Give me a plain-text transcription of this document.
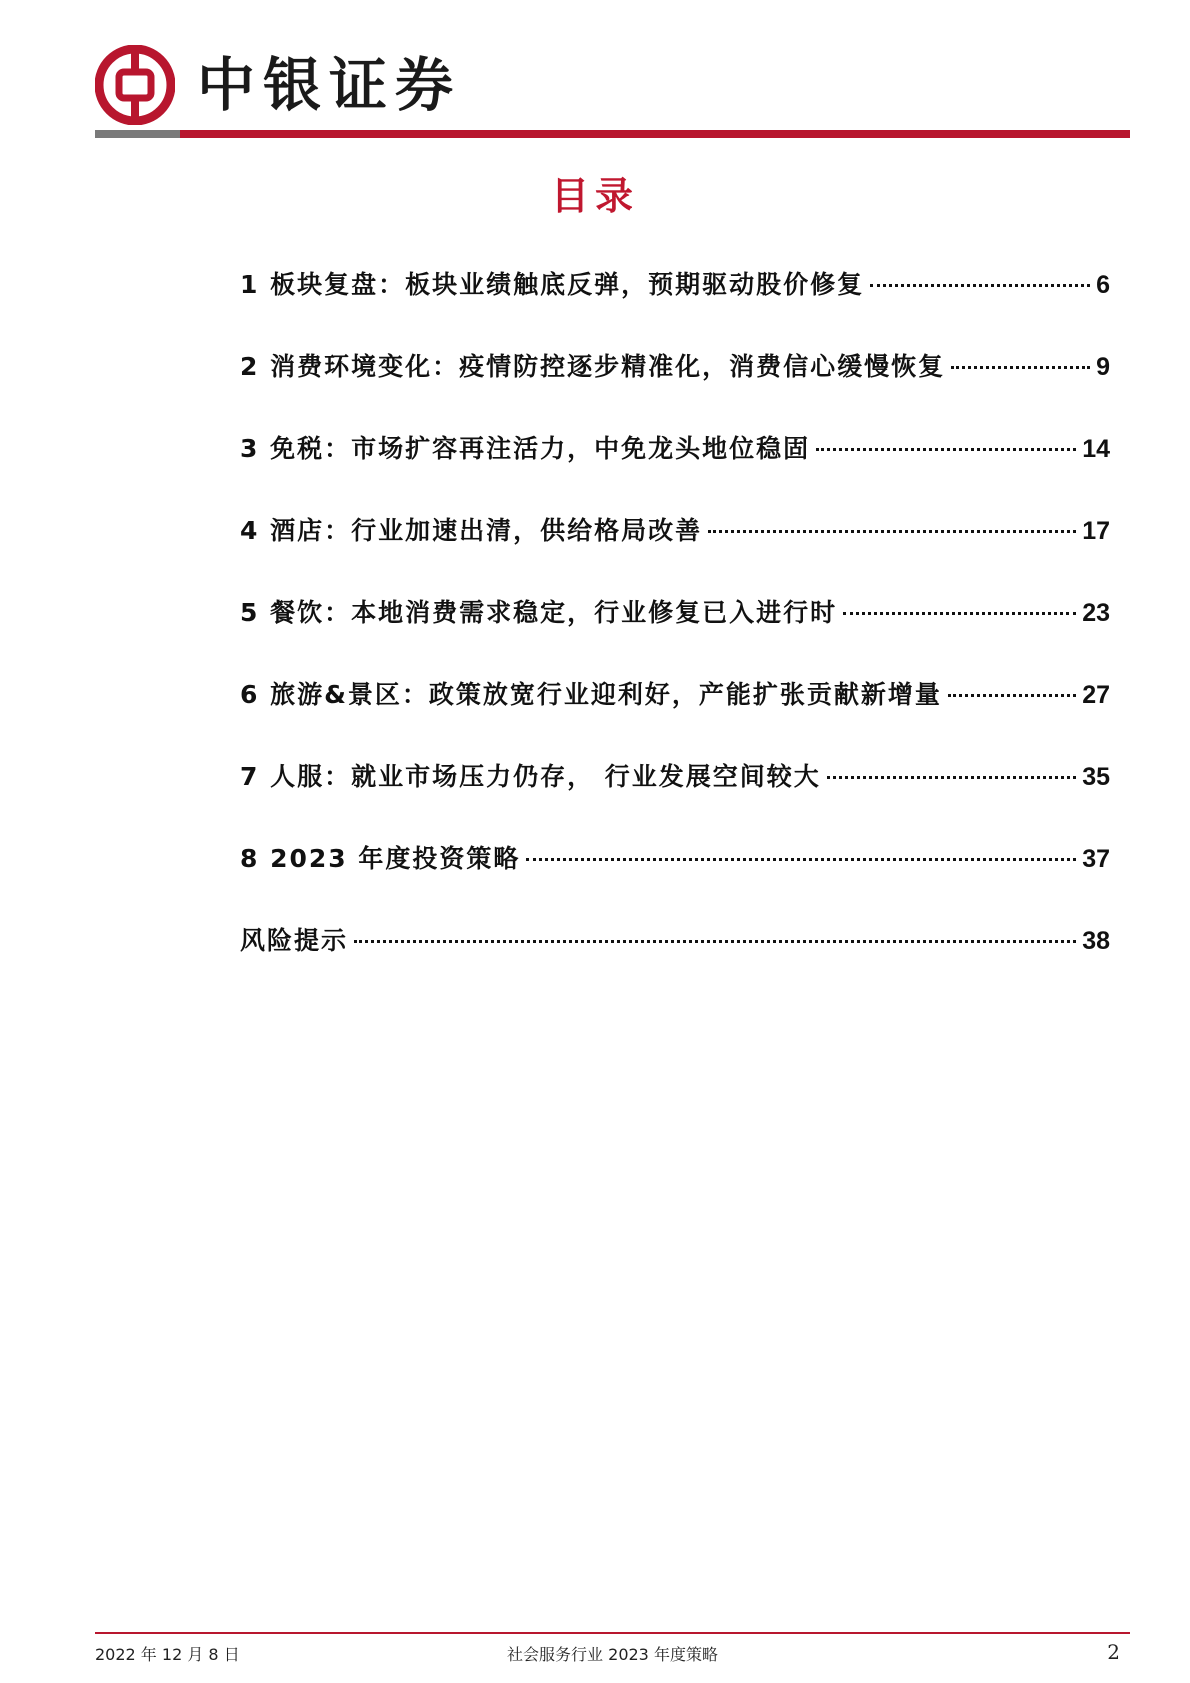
中银证券
目录
1 板块复盘：板块业绩触底反弹，预期驱动股价修复	6
2 消费环境变化：疫情防控逐步精准化，消费信心缓慢恢复	9
3 免税：市场扩容再注活力，中免龙头地位稳固	14
4 酒店：行业加速出清，供给格局改善	17
5 餐饮：本地消费需求稳定，行业修复已入进行时	23
6 旅游&景区：政策放宽行业迎利好，产能扩张贡献新增量	27
7 人服：就业市场压力仍存， 行业发展空间较大	35
8 2023 年度投资策略	37
风险提示	38
2022 年 12 月 8 日	社会服务行业 2023 年度策略	2
